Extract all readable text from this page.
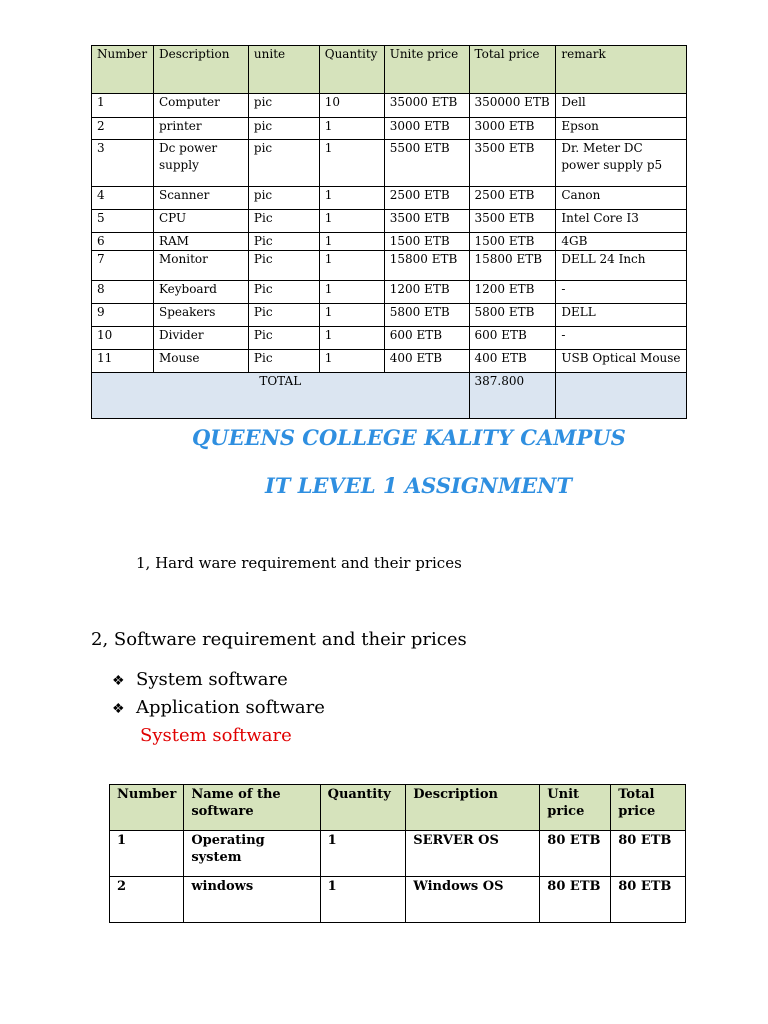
Number	Description	unite	Quantity	Unite price	Total price	remark
1	Computer	pic	10	35000 ETB	350000 ETB	Dell
2	printer	pic	1	3000 ETB	3000 ETB	Epson
3	Dc power supply	pic	1	5500 ETB	3500 ETB	Dr. Meter DC power supply p5
4	Scanner	pic	1	2500 ETB	2500 ETB	Canon
5	CPU	Pic	1	3500 ETB	3500 ETB	Intel Core I3
6	RAM	Pic	1	1500 ETB	1500 ETB	4GB
7	Monitor	Pic	1	15800 ETB	15800 ETB	DELL 24 Inch
8	Keyboard	Pic	1	1200 ETB	1200 ETB	-
9	Speakers	Pic	1	5800 ETB	5800 ETB	DELL
10	Divider	Pic	1	600 ETB	600 ETB	-
11	Mouse	Pic	1	400 ETB	400 ETB	USB Optical Mouse
TOTAL					387.800	
QUEENS COLLEGE KALITY CAMPUS
IT LEVEL 1 ASSIGNMENT
1, Hard ware requirement and their prices
2, Software requirement and their prices
❖ System software
❖ Application software
System software
Number	Name of the software	Quantity	Description	Unit price	Total price
1	Operating system	1	SERVER OS	80 ETB	80 ETB
2	windows	1	Windows OS	80 ETB	80 ETB
